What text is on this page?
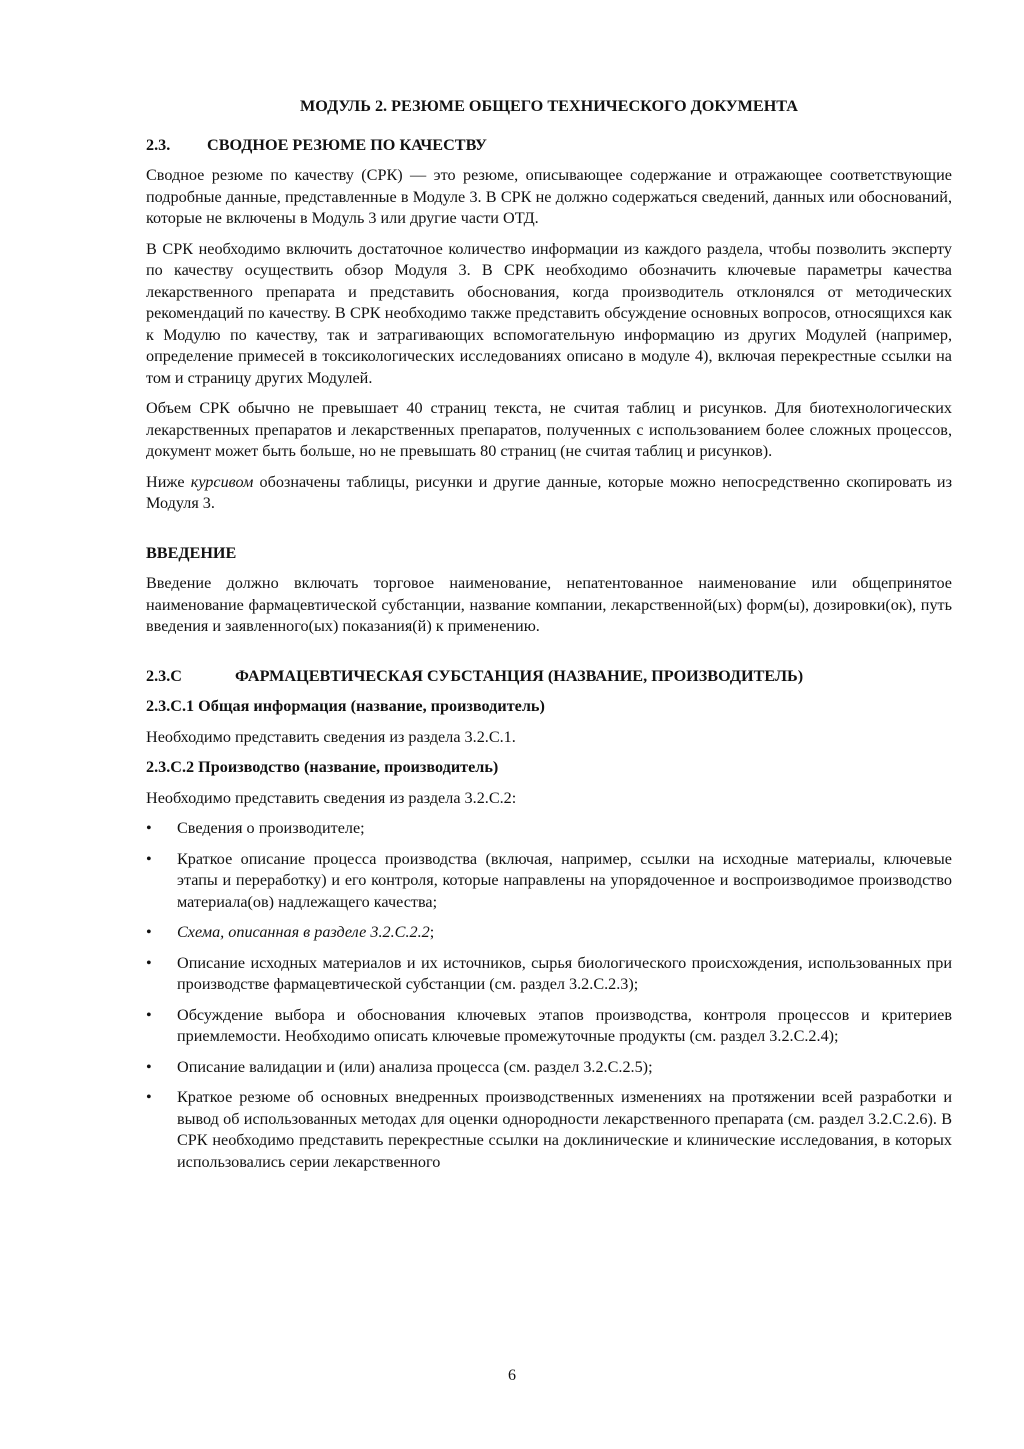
МОДУЛЬ 2. РЕЗЮМЕ ОБЩЕГО ТЕХНИЧЕСКОГО ДОКУМЕНТА
2.3. СВОДНОЕ РЕЗЮМЕ ПО КАЧЕСТВУ

Сводное резюме по качеству (СРК) — это резюме, описывающее содержание и отражающее соответствующие подробные данные, представленные в Модуле 3. В СРК не должно содержаться сведений, данных или обоснований, которые не включены в Модуль 3 или другие части ОТД.

В СРК необходимо включить достаточное количество информации из каждого раздела, чтобы позволить эксперту по качеству осуществить обзор Модуля 3. В СРК необходимо обозначить ключевые параметры качества лекарственного препарата и представить обоснования, когда производитель отклонялся от методических рекомендаций по качеству. В СРК необходимо также представить обсуждение основных вопросов, относящихся как к Модулю по качеству, так и затрагивающих вспомогательную информацию из других Модулей (например, определение примесей в токсикологических исследованиях описано в модуле 4), включая перекрестные ссылки на том и страницу других Модулей.

Объем СРК обычно не превышает 40 страниц текста, не считая таблиц и рисунков. Для биотехнологических лекарственных препаратов и лекарственных препаратов, полученных с использованием более сложных процессов, документ может быть больше, но не превышать 80 страниц (не считая таблиц и рисунков).

Ниже курсивом обозначены таблицы, рисунки и другие данные, которые можно непосредственно скопировать из Модуля 3.

ВВЕДЕНИЕ

Введение должно включать торговое наименование, непатентованное наименование или общепринятое наименование фармацевтической субстанции, название компании, лекарственной(ых) форм(ы), дозировки(ок), путь введения и заявленного(ых) показания(й) к применению.

2.3.С	ФАРМАЦЕВТИЧЕСКАЯ СУБСТАНЦИЯ (НАЗВАНИЕ, ПРОИЗВОДИТЕЛЬ)
2.3.С.1 Общая информация (название, производитель)

Необходимо представить сведения из раздела 3.2.С.1.

2.3.С.2 Производство (название, производитель)

Необходимо представить сведения из раздела 3.2.С.2:

• Сведения о производителе;
• Краткое описание процесса производства (включая, например, ссылки на исходные материалы, ключевые этапы и переработку) и его контроля, которые направлены на упорядоченное и воспроизводимое производство материала(ов) надлежащего качества;
• Схема, описанная в разделе 3.2.С.2.2;
• Описание исходных материалов и их источников, сырья биологического происхождения, использованных при производстве фармацевтической субстанции (см. раздел 3.2.С.2.3);
• Обсуждение выбора и обоснования ключевых этапов производства, контроля процессов и критериев приемлемости. Необходимо описать ключевые промежуточные продукты (см. раздел 3.2.С.2.4);
• Описание валидации и (или) анализа процесса (см. раздел 3.2.С.2.5);
• Краткое резюме об основных внедренных производственных изменениях на протяжении всей разработки и вывод об использованных методах для оценки однородности лекарственного препарата (см. раздел 3.2.С.2.6). В СРК необходимо представить перекрестные ссылки на доклинические и клинические исследования, в которых использовались серии лекарственного
6
